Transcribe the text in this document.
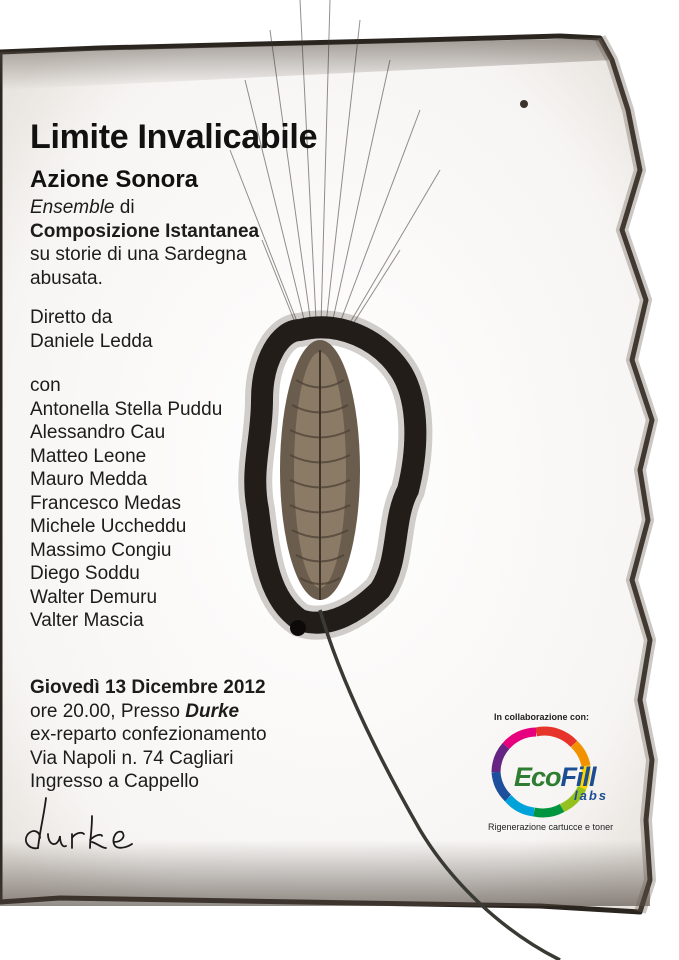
Limite Invalicabile
Azione Sonora
Ensemble di
Composizione Istantanea
su storie di una Sardegna
abusata.
Diretto da
Daniele Ledda
con
Antonella Stella Puddu
Alessandro Cau
Matteo Leone
Mauro Medda
Francesco Medas
Michele Uccheddu
Massimo Congiu
Diego Soddu
Walter Demuru
Valter Mascia
Giovedì 13 Dicembre 2012
ore 20.00, Presso Durke
ex-reparto confezionamento
Via Napoli n. 74 Cagliari
Ingresso a Cappello
In collaborazione con:
EcoFill
labs
Rigenerazione cartucce e toner
